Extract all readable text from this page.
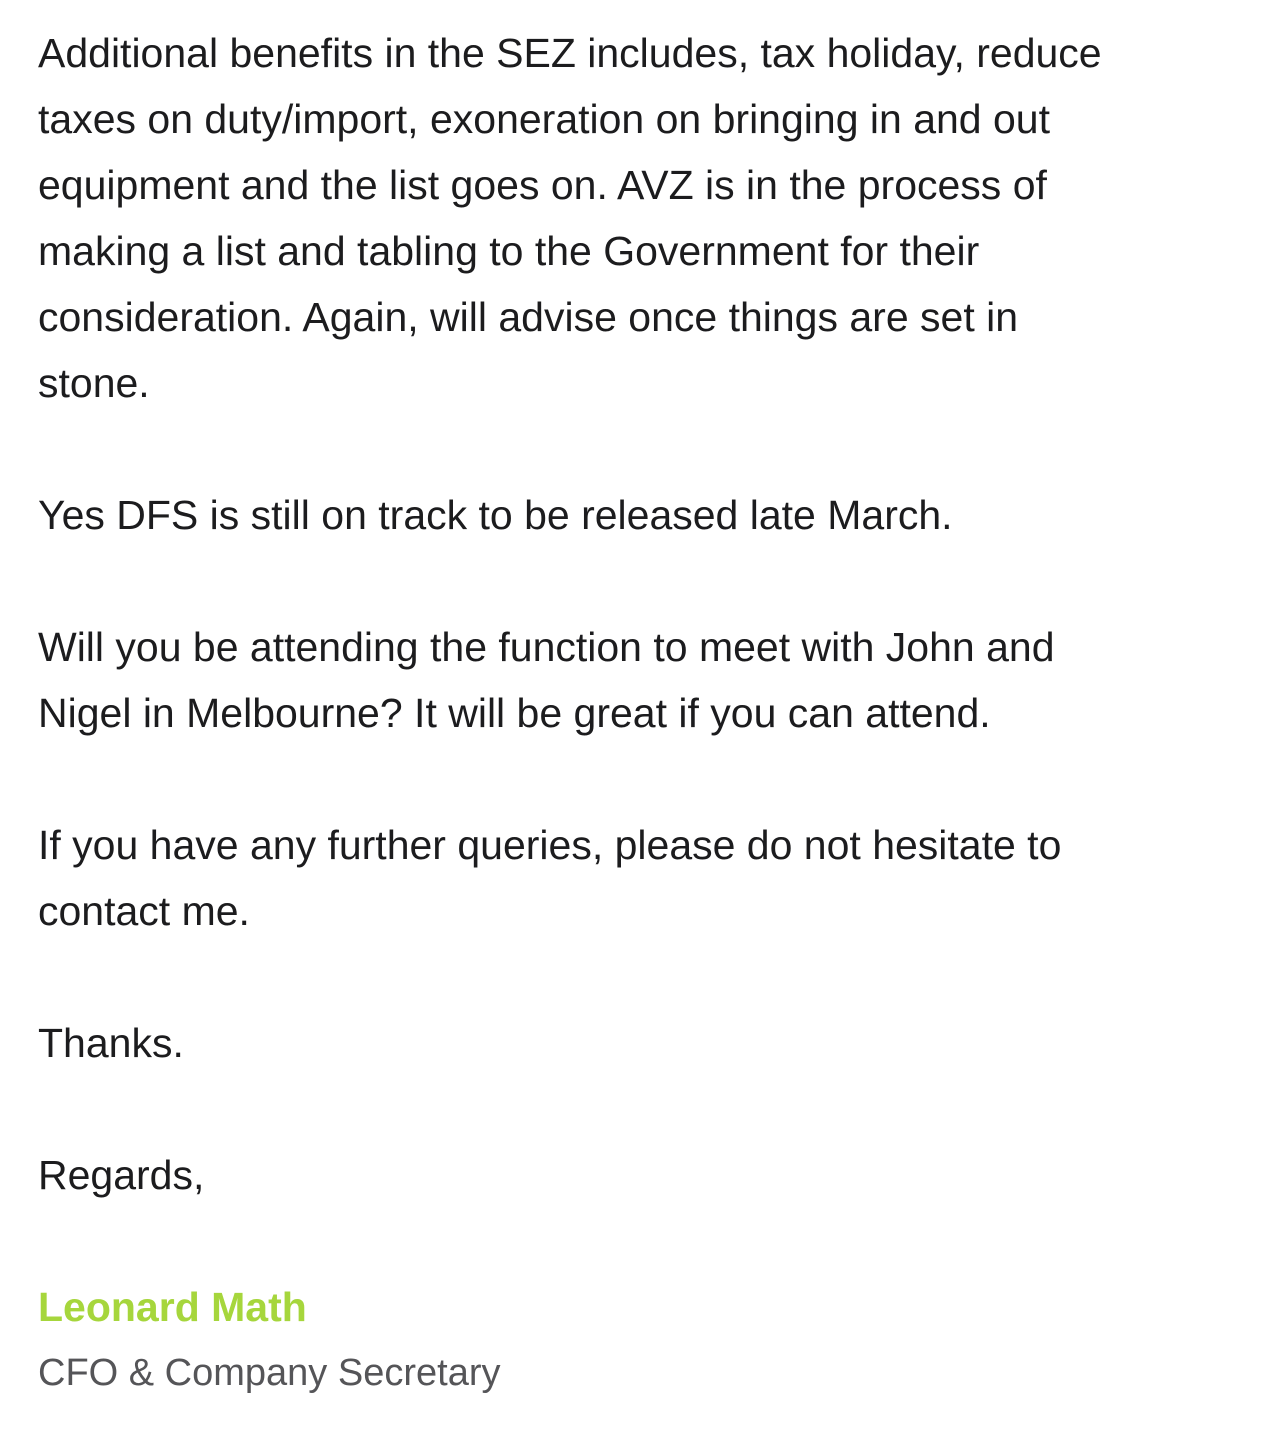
Additional benefits in the SEZ includes, tax holiday, reduce
taxes on duty/import, exoneration on bringing in and out
equipment and the list goes on. AVZ is in the process of
making a list and tabling to the Government for their
consideration. Again, will advise once things are set in
stone.

Yes DFS is still on track to be released late March.

Will you be attending the function to meet with John and
Nigel in Melbourne? It will be great if you can attend.

If you have any further queries, please do not hesitate to
contact me.

Thanks.

Regards,

Leonard Math

CFO & Company Secretary
